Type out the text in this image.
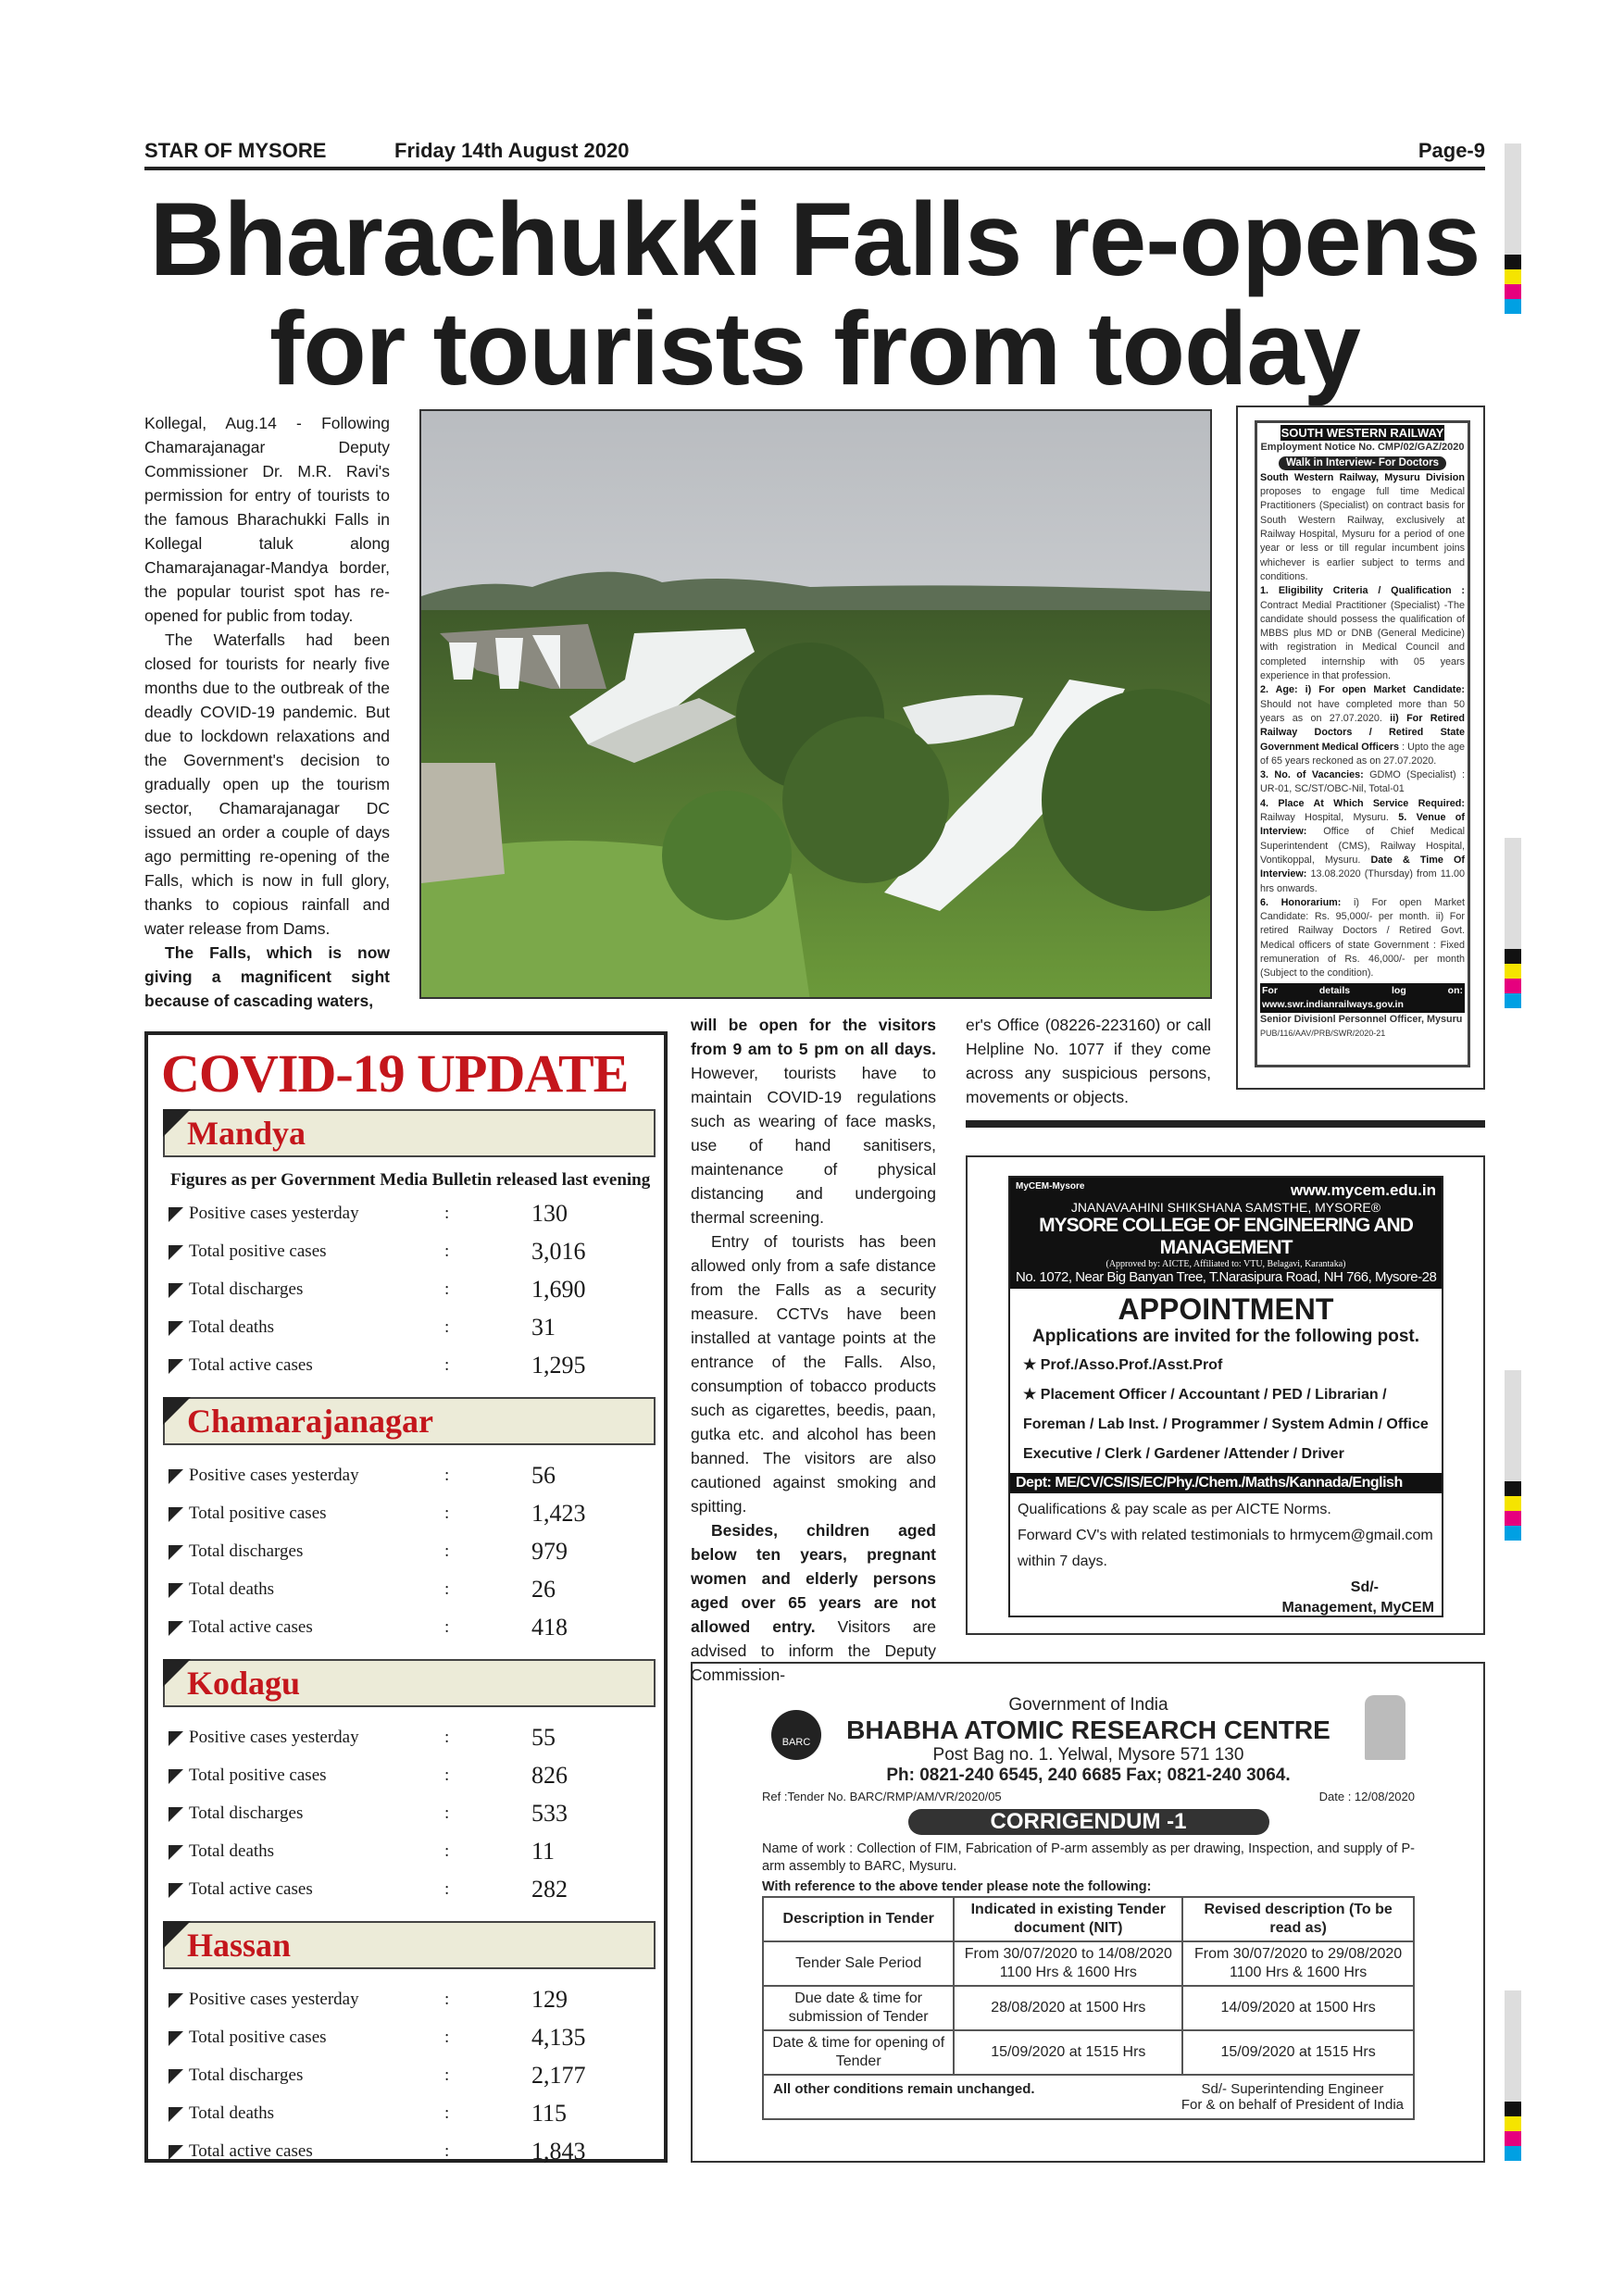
STAR OF MYSORE	Friday 14th August 2020	Page-9
Bharachukki Falls re-opens
for tourists from today

Kollegal, Aug.14 - Following Chamarajanagar Deputy Commissioner Dr. M.R. Ravi's permission for entry of tourists to the famous Bharachukki Falls in Kollegal taluk along Chamarajanagar-Mandya border, the popular tourist spot has re-opened for public from today.

The Waterfalls had been closed for tourists for nearly five months due to the outbreak of the deadly COVID-19 pandemic. But due to lockdown relaxations and the Government's decision to gradually open up the tourism sector, Chamarajanagar DC issued an order a couple of days ago permitting re-opening of the Falls, which is now in full glory, thanks to copious rainfall and water release from Dams.

The Falls, which is now giving a magnificent sight because of cascading waters,

will be open for the visitors from 9 am to 5 pm on all days. However, tourists have to maintain COVID-19 regulations such as wearing of face masks, use of hand sanitisers, maintenance of physical distancing and undergoing thermal screening.

Entry of tourists has been allowed only from a safe distance from the Falls as a security measure. CCTVs have been installed at vantage points at the entrance of the Falls. Also, consumption of tobacco products such as cigarettes, beedis, paan, gutka etc. and alcohol has been banned. The visitors are also cautioned against smoking and spitting.

Besides, children aged below ten years, pregnant women and elderly persons aged over 65 years are not allowed entry. Visitors are advised to inform the Deputy Commission-

er's Office (08226-223160) or call Helpline No. 1077 if they come across any suspicious persons, movements or objects.

SOUTH WESTERN RAILWAY
Employment Notice No. CMP/02/GAZ/2020
Walk in Interview- For Doctors

South Western Railway, Mysuru Division proposes to engage full time Medical Practitioners (Specialist) on contract basis for South Western Railway, exclusively at Railway Hospital, Mysuru for a period of one year or less or till regular incumbent joins whichever is earlier subject to terms and conditions.

1. Eligibility Criteria / Qualification : Contract Medial Practitioner (Specialist) -The candidate should possess the qualification of MBBS plus MD or DNB (General Medicine) with registration in Medical Council and completed internship with 05 years experience in that profession.

2. Age: i) For open Market Candidate: Should not have completed more than 50 years as on 27.07.2020. ii) For Retired Railway Doctors / Retired State Government Medical Officers : Upto the age of 65 years reckoned as on 27.07.2020.

3. No. of Vacancies: GDMO (Specialist) : UR-01, SC/ST/OBC-Nil, Total-01

4. Place At Which Service Required: Railway Hospital, Mysuru. 5. Venue of Interview: Office of Chief Medical Superintendent (CMS), Railway Hospital, Vontikoppal, Mysuru. Date & Time Of Interview: 13.08.2020 (Thursday) from 11.00 hrs onwards.

6. Honorarium: i) For open Market Candidate: Rs. 95,000/- per month. ii) For retired Railway Doctors / Retired Govt. Medical officers of state Government : Fixed remuneration of Rs. 46,000/- per month (Subject to the condition).

For details log on: www.swr.indianrailways.gov.in
Senior Divisionl Personnel Officer, Mysuru
PUB/116/AAV/PRB/SWR/2020-21
COVID-19 UPDATE
Mandya
Figures as per Government Media Bulletin released last evening
Positive cases yesterday	:	130
Total positive cases	:	3,016
Total discharges	:	1,690
Total deaths	:	31
Total active cases	:	1,295
Chamarajanagar
Positive cases yesterday	:	56
Total positive cases	:	1,423
Total discharges	:	979
Total deaths	:	26
Total active cases	:	418
Kodagu
Positive cases yesterday	:	55
Total positive cases	:	826
Total discharges	:	533
Total deaths	:	11
Total active cases	:	282
Hassan
Positive cases yesterday	:	129
Total positive cases	:	4,135
Total discharges	:	2,177
Total deaths	:	115
Total active cases	:	1,843
MyCEM-Mysore	www.mycem.edu.in
JNANAVAAHINI SHIKSHANA SAMSTHE, MYSORE®
MYSORE COLLEGE OF ENGINEERING AND MANAGEMENT
(Approved by: AICTE, Affiliated to: VTU, Belagavi, Karantaka)
No. 1072, Near Big Banyan Tree, T.Narasipura Road, NH 766, Mysore-28
APPOINTMENT
Applications are invited for the following post.
★ Prof./Asso.Prof./Asst.Prof
★ Placement Officer / Accountant / PED / Librarian / Foreman / Lab Inst. / Programmer / System Admin / Office Executive / Clerk / Gardener /Attender / Driver
Dept: ME/CV/CS/IS/EC/Phy./Chem./Maths/Kannada/English
Qualifications & pay scale as per AICTE Norms.
Forward CV's with related testimonials to hrmycem@gmail.com within 7 days.
Sd/-
Management, MyCEM
BARC
Government of India
BHABHA ATOMIC RESEARCH CENTRE
Post Bag no. 1. Yelwal, Mysore 571 130
Ph: 0821-240 6545, 240 6685 Fax; 0821-240 3064.
Ref :Tender No. BARC/RMP/AM/VR/2020/05	Date : 12/08/2020
CORRIGENDUM -1
Name of work : Collection of FIM, Fabrication of P-arm assembly as per drawing, Inspection, and supply of P-arm assembly to BARC, Mysuru.
With reference to the above tender please note the following:
Description in Tender	Indicated in existing Tender document (NIT)	Revised description (To be read as)
Tender Sale Period	From 30/07/2020 to 14/08/2020 1100 Hrs & 1600 Hrs	From 30/07/2020 to 29/08/2020 1100 Hrs & 1600 Hrs
Due date & time for submission of Tender	28/08/2020 at 1500 Hrs	14/09/2020 at 1500 Hrs
Date & time for opening of Tender	15/09/2020 at 1515 Hrs	15/09/2020 at 1515 Hrs
All other conditions remain unchanged.	Sd/- Superintending Engineer
For & on behalf of President of India
